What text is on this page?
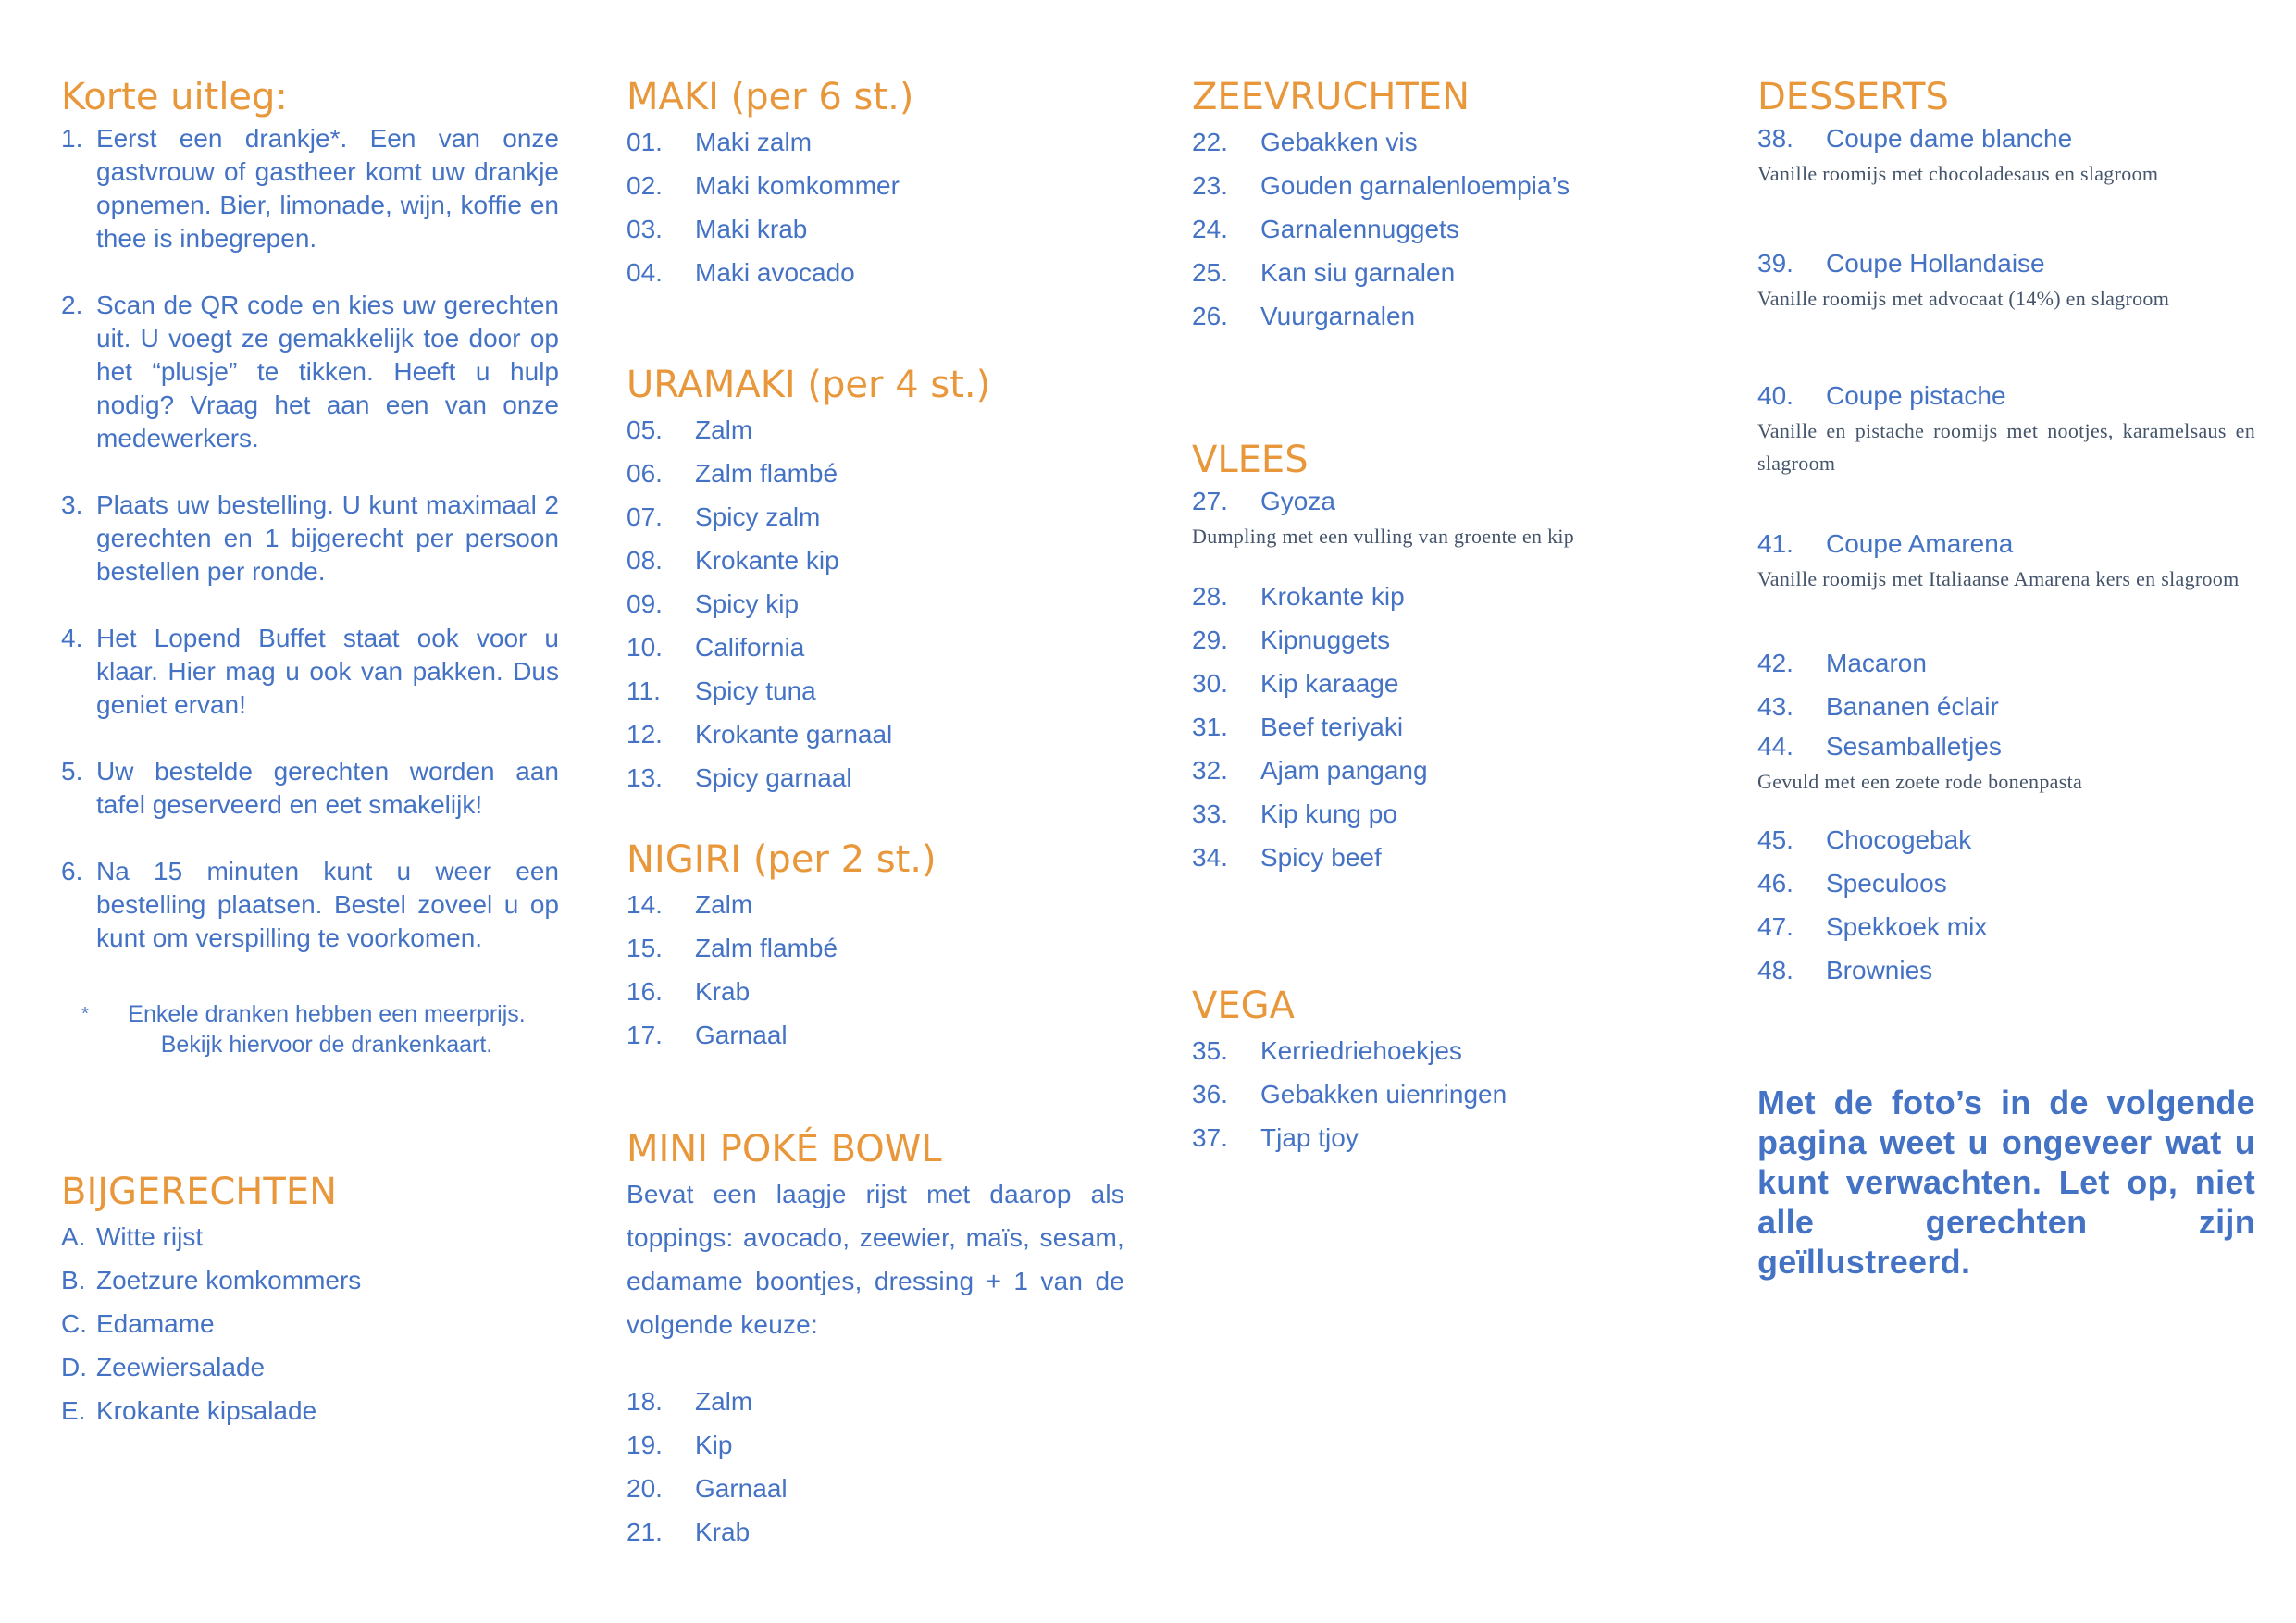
Korte uitleg:
1. Eerst een drankje*. Een van onze gastvrouw of gastheer komt uw drankje opnemen. Bier, limonade, wijn, koffie en thee is inbegrepen.
2. Scan de QR code en kies uw gerechten uit. U voegt ze gemakkelijk toe door op het “plusje” te tikken. Heeft u hulp nodig? Vraag het aan een van onze medewerkers.
3. Plaats uw bestelling. U kunt maximaal 2 gerechten en 1 bijgerecht per persoon bestellen per ronde.
4. Het Lopend Buffet staat ook voor u klaar. Hier mag u ook van pakken. Dus geniet ervan!
5. Uw bestelde gerechten worden aan tafel geserveerd en eet smakelijk!
6. Na 15 minuten kunt u weer een bestelling plaatsen. Bestel zoveel u op kunt om verspilling te voorkomen.
*	Enkele dranken hebben een meerprijs. Bekijk hiervoor de drankenkaart.
BIJGERECHTEN
A. Witte rijst
B. Zoetzure komkommers
C. Edamame
D. Zeewiersalade
E. Krokante kipsalade
MAKI (per 6 st.)
01.	Maki zalm
02.	Maki komkommer
03.	Maki krab
04.	Maki avocado
URAMAKI (per 4 st.)
05.	Zalm
06.	Zalm flambé
07.	Spicy zalm
08.	Krokante kip
09.	Spicy kip
10.	California
11.	Spicy tuna
12.	Krokante garnaal
13.	Spicy garnaal
NIGIRI (per 2 st.)
14.	Zalm
15.	Zalm flambé
16.	Krab
17.	Garnaal
MINI POKÉ BOWL
Bevat een laagje rijst met daarop als toppings: avocado, zeewier, maïs, sesam, edamame boontjes, dressing + 1 van de volgende keuze:
18.	Zalm
19.	Kip
20.	Garnaal
21.	Krab
ZEEVRUCHTEN
22.	Gebakken vis
23.	Gouden garnalenloempia’s
24.	Garnalennuggets
25.	Kan siu garnalen
26.	Vuurgarnalen
VLEES
27.	Gyoza
Dumpling met een vulling van groente en kip
28.	Krokante kip
29.	Kipnuggets
30.	Kip karaage
31.	Beef teriyaki
32.	Ajam pangang
33.	Kip kung po
34.	Spicy beef
VEGA
35.	Kerriedriehoekjes
36.	Gebakken uienringen
37.	Tjap tjoy
DESSERTS
38.	Coupe dame blanche
Vanille roomijs met chocoladesaus en slagroom
39.	Coupe Hollandaise
Vanille roomijs met advocaat (14%) en slagroom
40.	Coupe pistache
Vanille en pistache roomijs met nootjes, karamelsaus en slagroom
41.	Coupe Amarena
Vanille roomijs met Italiaanse Amarena kers en slagroom
42.	Macaron
43.	Bananen éclair
44.	Sesamballetjes
Gevuld met een zoete rode bonenpasta
45.	Chocogebak
46.	Speculoos
47.	Spekkoek mix
48.	Brownies
Met de foto’s in de volgende pagina weet u ongeveer wat u kunt verwachten. Let op, niet alle gerechten zijn geïllustreerd.
